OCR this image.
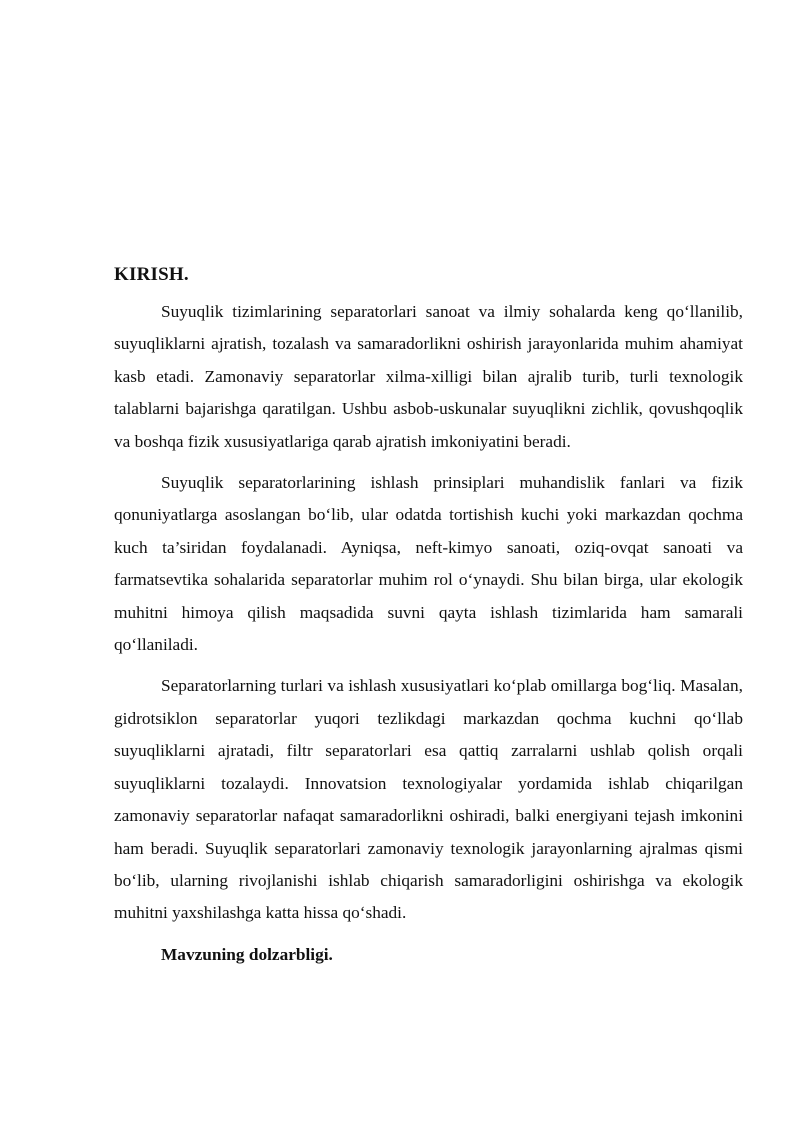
KIRISH.

Suyuqlik tizimlarining separatorlari sanoat va ilmiy sohalarda keng qo‘llanilib, suyuqliklarni ajratish, tozalash va samaradorlikni oshirish jarayonlarida muhim ahamiyat kasb etadi. Zamonaviy separatorlar xilma-xilligi bilan ajralib turib, turli texnologik talablarni bajarishga qaratilgan. Ushbu asbob-uskunalar suyuqlikni zichlik, qovushqoqlik va boshqa fizik xususiyatlariga qarab ajratish imkoniyatini beradi.

Suyuqlik separatorlarining ishlash prinsiplari muhandislik fanlari va fizik qonuniyatlarga asoslangan bo‘lib, ular odatda tortishish kuchi yoki markazdan qochma kuch ta’siridan foydalanadi. Ayniqsa, neft-kimyo sanoati, oziq-ovqat sanoati va farmatsevtika sohalarida separatorlar muhim rol o‘ynaydi. Shu bilan birga, ular ekologik muhitni himoya qilish maqsadida suvni qayta ishlash tizimlarida ham samarali qo‘llaniladi.

Separatorlarning turlari va ishlash xususiyatlari ko‘plab omillarga bog‘liq. Masalan, gidrotsiklon separatorlar yuqori tezlikdagi markazdan qochma kuchni qo‘llab suyuqliklarni ajratadi, filtr separatorlari esa qattiq zarralarni ushlab qolish orqali suyuqliklarni tozalaydi. Innovatsion texnologiyalar yordamida ishlab chiqarilgan zamonaviy separatorlar nafaqat samaradorlikni oshiradi, balki energiyani tejash imkonini ham beradi. Suyuqlik separatorlari zamonaviy texnologik jarayonlarning ajralmas qismi bo‘lib, ularning rivojlanishi ishlab chiqarish samaradorligini oshirishga va ekologik muhitni yaxshilashga katta hissa qo‘shadi.

Mavzuning dolzarbligi.
